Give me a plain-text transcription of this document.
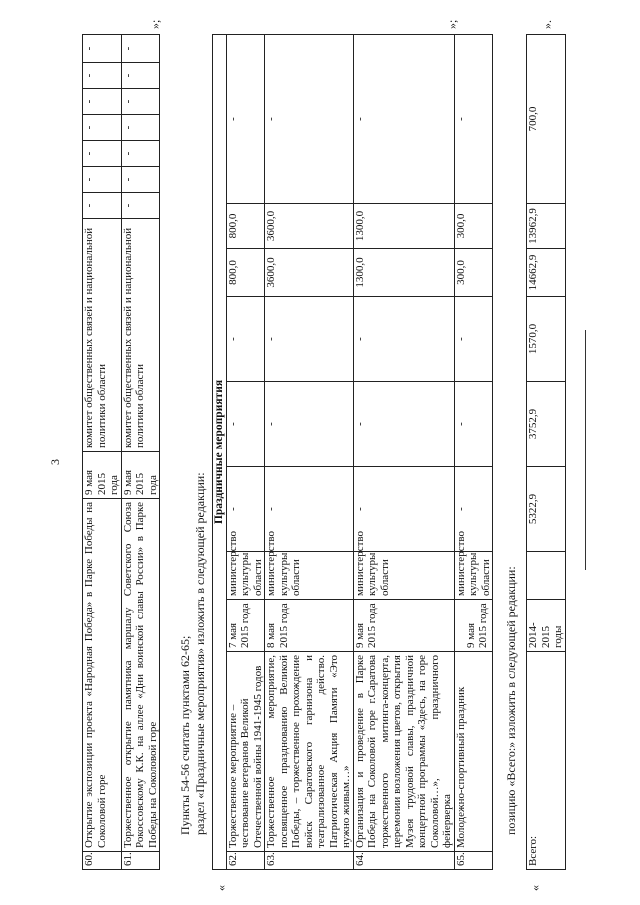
3
60.	Открытие экспозиции проекта «Народная Победа» в Парке Победы на Соколовой горе	9 мая 2015 года	комитет общественных связей и национальной политики области	-	-	-	-	-	-	-
61.	Торжественное открытие памятника маршалу Советского Союза Рокоссовскому К.К. на аллее «Дни воинской славы России» в Парке Победы на Соколовой горе	9 мая 2015 года	комитет общественных связей и национальной политики области	-	-	-	-	-	-	-
»;
Пункты 54-56 считать пунктами 62-65; раздел «Праздничные мероприятия» изложить в следующей редакции:
«
Праздничные мероприятия									
62.	Торжественное мероприятие – чествование ветеранов Великой Отечественной войны 1941-1945 годов	7 мая 2015 года	министерство культуры области	-	-	-	800,0	800,0	-
63.	Торжественное мероприятие, посвященное празднованию Великой Победы, – торжественное прохождение войск Саратовского гарнизона и театрализованное действо. Патриотическая Акция Памяти «Это нужно живым…»	8 мая 2015 года	министерство культуры области	-	-	-	3600,0	3600,0	-
64.	Организация и проведение в Парке Победы на Соколовой горе г.Саратова торжественного митинга-концерта, церемонии возложения цветов, открытия Музея трудовой славы, праздничной концертной программы «Здесь, на горе Соколовой…», праздничного фейерверка	9 мая 2015 года	министерство культуры области	-	-	-	1300,0	1300,0	-
65.	Молодежно-спортивный праздник	9 мая 2015 года	министерство культуры области	-	-	-	300,0	300,0	-
»;
позицию «Всего:» изложить в следующей редакции:
«
Всего:	2014-2015 годы		5322,9	3752,9	1570,0	14662,9	13962,9	700,0
».
